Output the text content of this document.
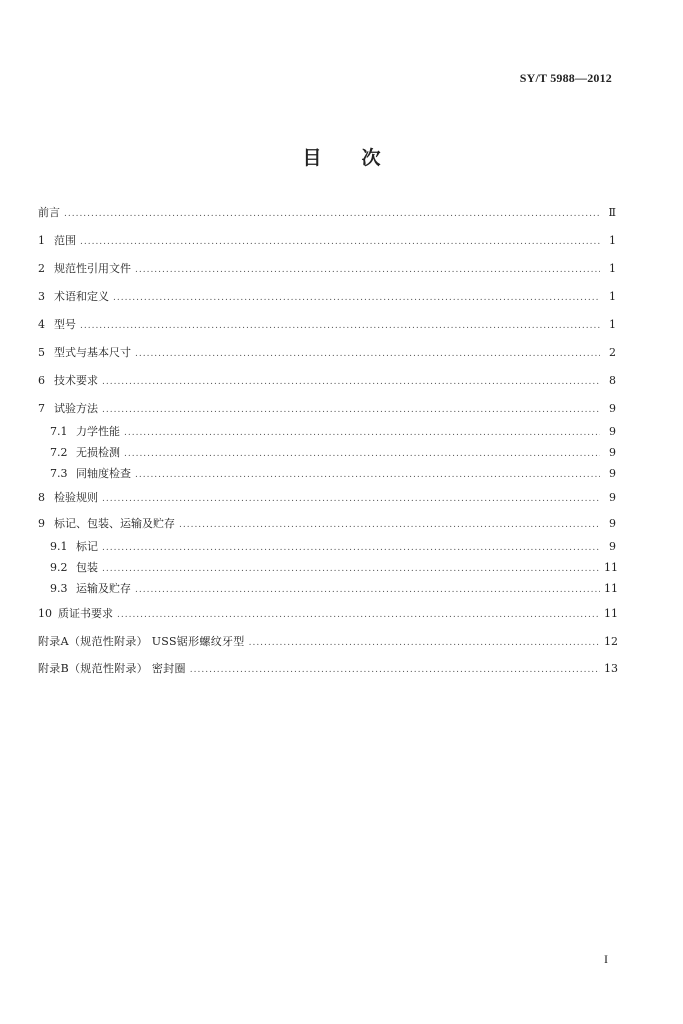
SY/T 5988—2012
目次
前言 .....	Ⅱ
1 范围 .....	1
2 规范性引用文件 .....	1
3 术语和定义 .....	1
4 型号 .....	1
5 型式与基本尺寸 .....	2
6 技术要求 .....	8
7 试验方法 .....	9
7.1 力学性能 .....	9
7.2 无损检测 .....	9
7.3 同轴度检查 .....	9
8 检验规则 .....	9
9 标记、包装、运输及贮存 .....	9
9.1 标记 .....	9
9.2 包装 .....	11
9.3 运输及贮存 .....	11
10 质证书要求 .....	11
附录A（规范性附录） USS锯形螺纹牙型 .....	12
附录B（规范性附录） 密封圈 .....	13
I
